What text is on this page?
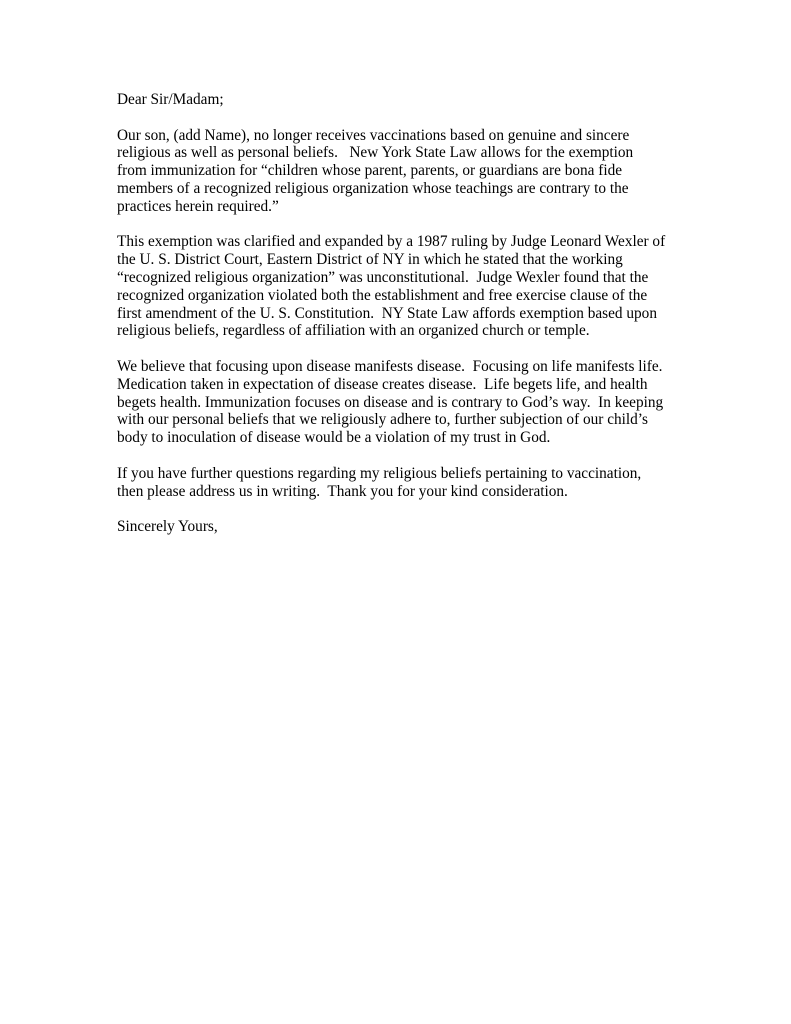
Dear Sir/Madam;
Our son, (add Name), no longer receives vaccinations based on genuine and sincere
religious as well as personal beliefs.   New York State Law allows for the exemption
from immunization for “children whose parent, parents, or guardians are bona fide
members of a recognized religious organization whose teachings are contrary to the
practices herein required.”
This exemption was clarified and expanded by a 1987 ruling by Judge Leonard Wexler of
the U. S. District Court, Eastern District of NY in which he stated that the working
“recognized religious organization” was unconstitutional.  Judge Wexler found that the
recognized organization violated both the establishment and free exercise clause of the
first amendment of the U. S. Constitution.  NY State Law affords exemption based upon
religious beliefs, regardless of affiliation with an organized church or temple.
We believe that focusing upon disease manifests disease.  Focusing on life manifests life.
Medication taken in expectation of disease creates disease.  Life begets life, and health
begets health. Immunization focuses on disease and is contrary to God’s way.  In keeping
with our personal beliefs that we religiously adhere to, further subjection of our child’s
body to inoculation of disease would be a violation of my trust in God.
If you have further questions regarding my religious beliefs pertaining to vaccination,
then please address us in writing.  Thank you for your kind consideration.
Sincerely Yours,
